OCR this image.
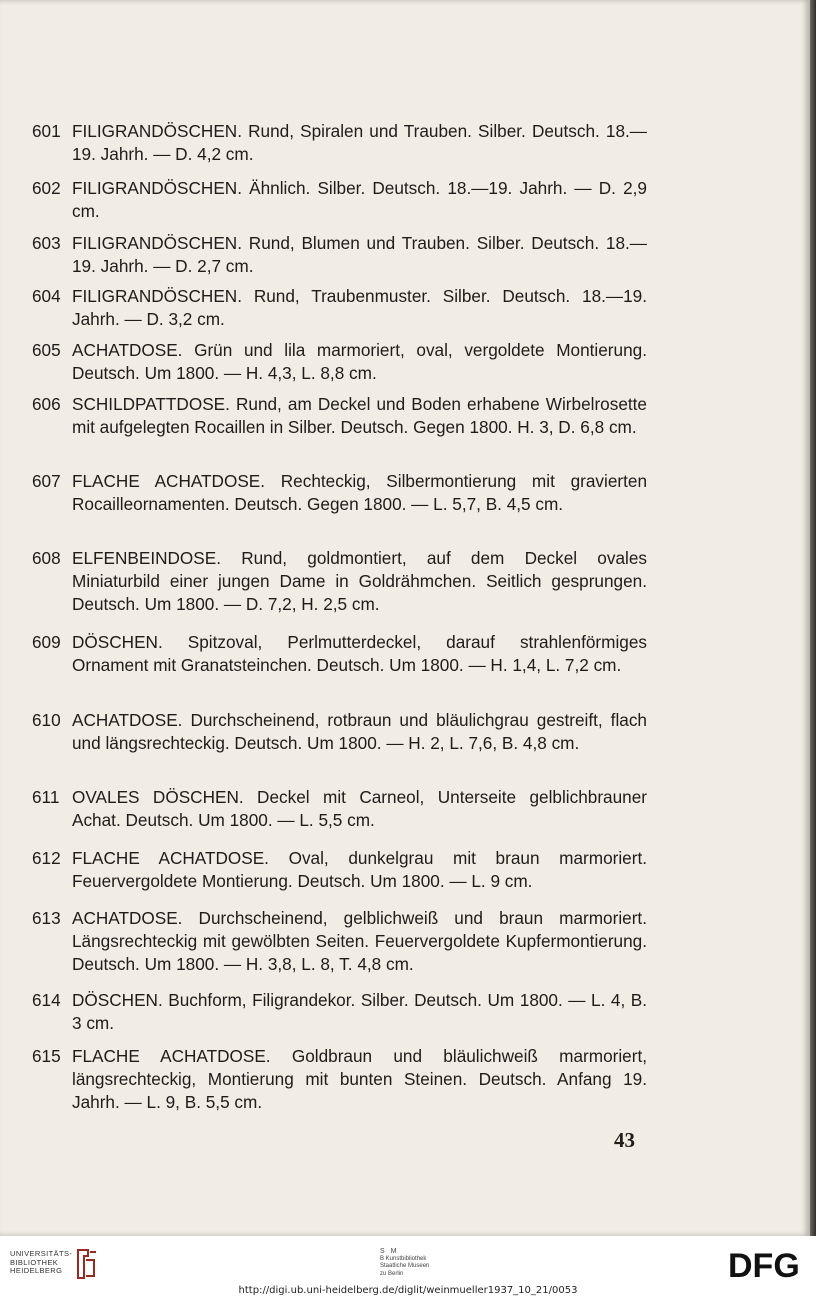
601 FILIGRANDÖSCHEN. Rund, Spiralen und Trauben. Silber. Deutsch. 18.—19. Jahrh. — D. 4,2 cm.
602 FILIGRANDÖSCHEN. Ähnlich. Silber. Deutsch. 18.—19. Jahrh. — D. 2,9 cm.
603 FILIGRANDÖSCHEN. Rund, Blumen und Trauben. Silber. Deutsch. 18.—19. Jahrh. — D. 2,7 cm.
604 FILIGRANDÖSCHEN. Rund, Traubenmuster. Silber. Deutsch. 18.—19. Jahrh. — D. 3,2 cm.
605 ACHATDOSE. Grün und lila marmoriert, oval, vergoldete Montierung. Deutsch. Um 1800. — H. 4,3, L. 8,8 cm.
606 SCHILDPATTDOSE. Rund, am Deckel und Boden erhabene Wirbelrosette mit aufgelegten Rocaillen in Silber. Deutsch. Gegen 1800. H. 3, D. 6,8 cm.
607 FLACHE ACHATDOSE. Rechteckig, Silbermontierung mit gravierten Rocailleornamenten. Deutsch. Gegen 1800. — L. 5,7, B. 4,5 cm.
608 ELFENBEINDOSE. Rund, goldmontiert, auf dem Deckel ovales Miniaturbild einer jungen Dame in Goldrähmchen. Seitlich gesprungen. Deutsch. Um 1800. — D. 7,2, H. 2,5 cm.
609 DÖSCHEN. Spitzoval, Perlmutterdeckel, darauf strahlenförmiges Ornament mit Granatsteinchen. Deutsch. Um 1800. — H. 1,4, L. 7,2 cm.
610 ACHATDOSE. Durchscheinend, rotbraun und bläulichgrau gestreift, flach und längsrechteckig. Deutsch. Um 1800. — H. 2, L. 7,6, B. 4,8 cm.
611 OVALES DÖSCHEN. Deckel mit Carneol, Unterseite gelblichbrauner Achat. Deutsch. Um 1800. — L. 5,5 cm.
612 FLACHE ACHATDOSE. Oval, dunkelgrau mit braun marmoriert. Feuervergoldete Montierung. Deutsch. Um 1800. — L. 9 cm.
613 ACHATDOSE. Durchscheinend, gelblichweiß und braun marmoriert. Längsrechteckig mit gewölbten Seiten. Feuervergoldete Kupfermontierung. Deutsch. Um 1800. — H. 3,8, L. 8, T. 4,8 cm.
614 DÖSCHEN. Buchform, Filigrandekor. Silber. Deutsch. Um 1800. — L. 4, B. 3 cm.
615 FLACHE ACHATDOSE. Goldbraun und bläulichweiß marmoriert, längsrechteckig, Montierung mit bunten Steinen. Deutsch. Anfang 19. Jahrh. — L. 9, B. 5,5 cm.
43
UNIVERSITÄTS-
BIBLIOTHEK
HEIDELBERG
S M
B Kunstbibliothek
Staatliche Museen
zu Berlin
http://digi.ub.uni-heidelberg.de/diglit/weinmueller1937_10_21/0053
DFG
